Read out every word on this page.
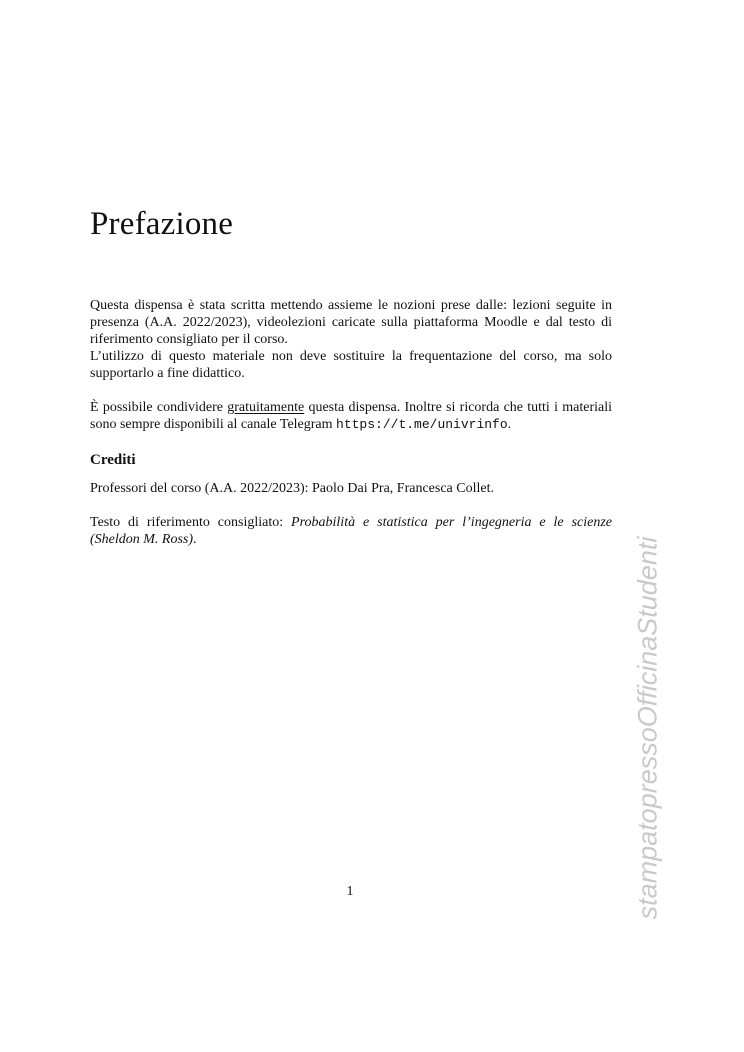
Prefazione

Questa dispensa è stata scritta mettendo assieme le nozioni prese dalle: lezioni seguite in presenza (A.A. 2022/2023), videolezioni caricate sulla piattaforma Moodle e dal testo di riferimento consigliato per il corso.

L’utilizzo di questo materiale non deve sostituire la frequentazione del corso, ma solo supportarlo a fine didattico.

È possibile condividere gratuitamente questa dispensa. Inoltre si ricorda che tutti i materiali sono sempre disponibili al canale Telegram https://t.me/univrinfo.

Crediti

Professori del corso (A.A. 2022/2023): Paolo Dai Pra, Francesca Collet.

Testo di riferimento consigliato: Probabilità e statistica per l’ingegneria e le scienze (Sheldon M. Ross).

1	stampatopressoOfficinaStudenti
